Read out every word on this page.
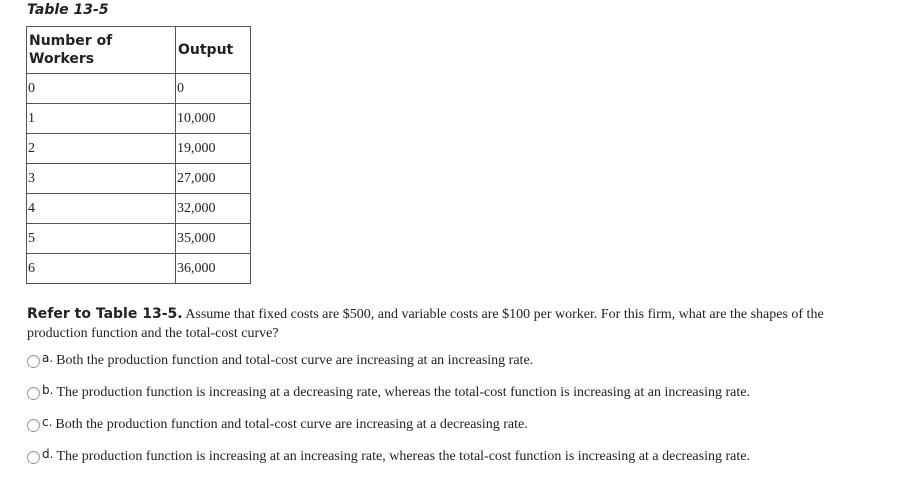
Table 13-5
Number of Workers	Output

0	0

1	10,000

2	19,000

3	27,000

4	32,000

5	35,000

6	36,000
Refer to Table 13-5. Assume that fixed costs are $500, and variable costs are $100 per worker. For this firm, what are the shapes of the production function and the total-cost curve?
a. Both the production function and total-cost curve are increasing at an increasing rate.
b. The production function is increasing at a decreasing rate, whereas the total-cost function is increasing at an increasing rate.
c. Both the production function and total-cost curve are increasing at a decreasing rate.
d. The production function is increasing at an increasing rate, whereas the total-cost function is increasing at a decreasing rate.
